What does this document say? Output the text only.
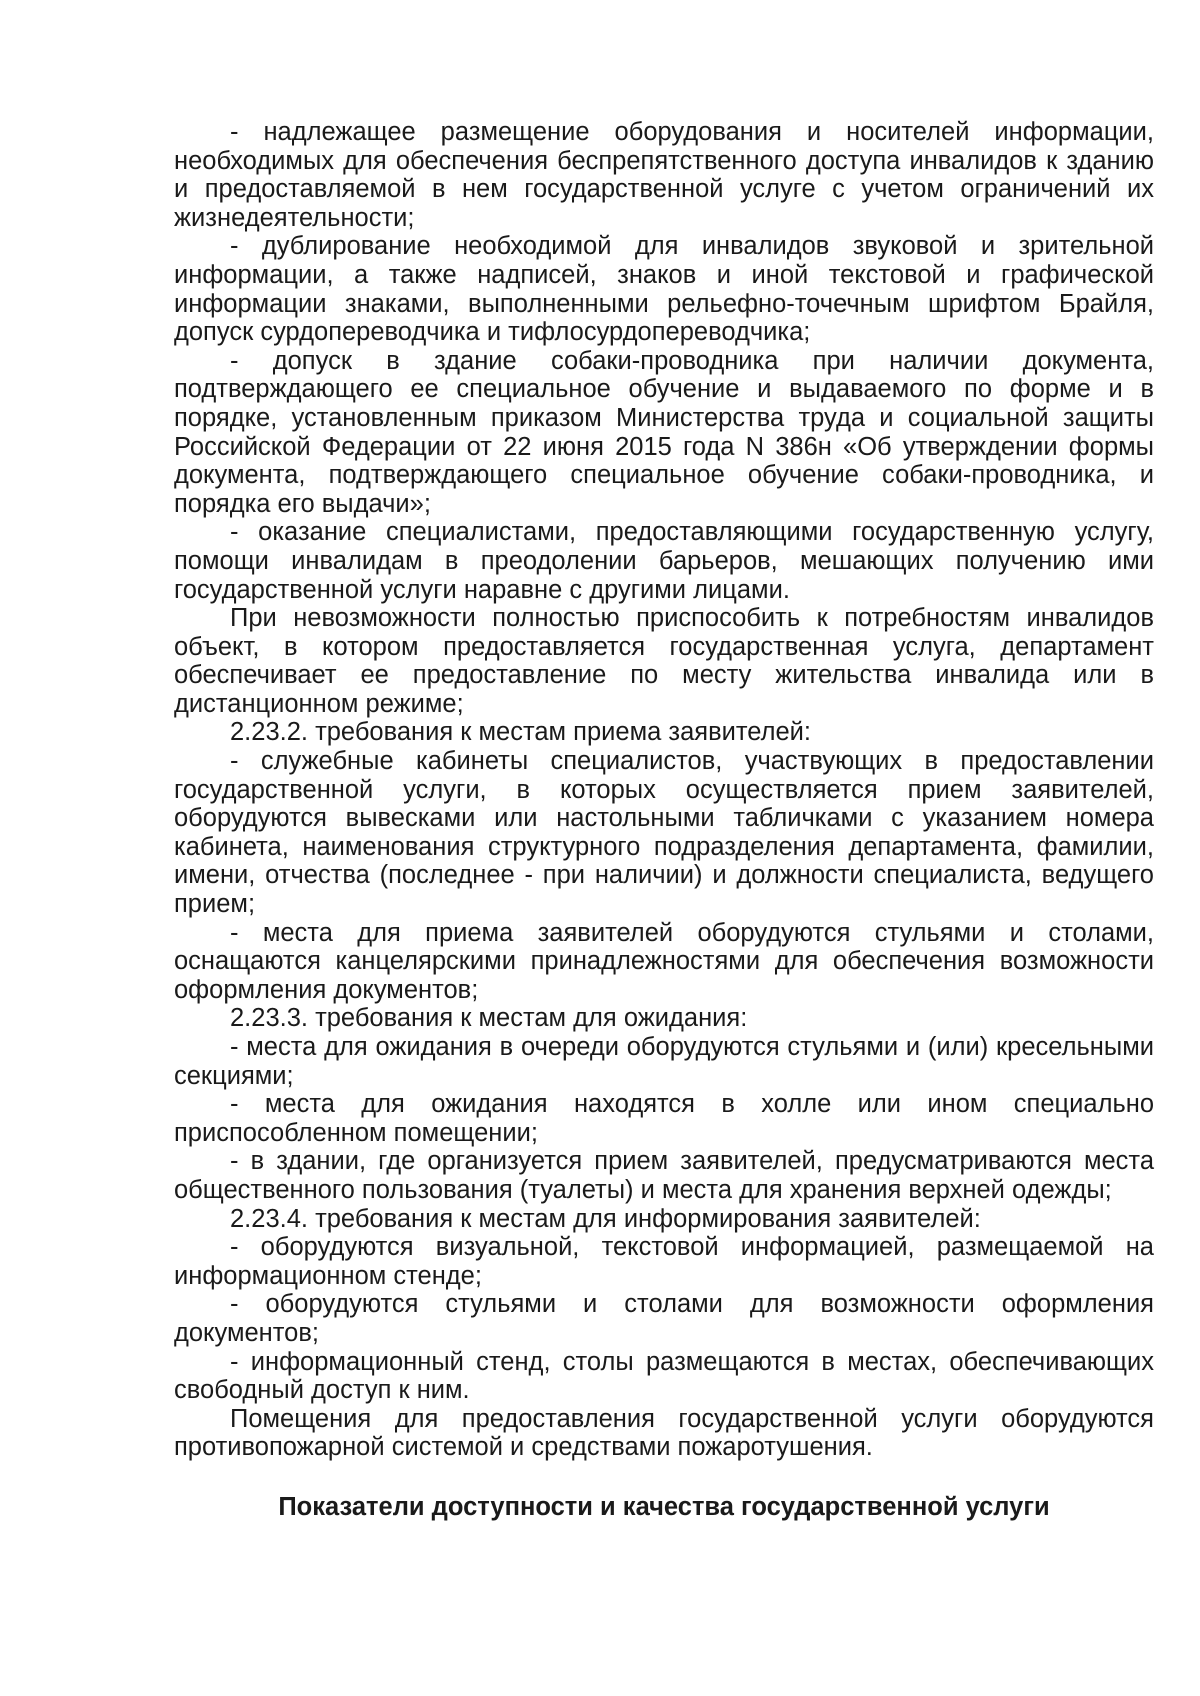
- надлежащее размещение оборудования и носителей информации, необходимых для обеспечения беспрепятственного доступа инвалидов к зданию и предоставляемой в нем государственной услуге с учетом ограничений их жизнедеятельности;

- дублирование необходимой для инвалидов звуковой и зрительной информации, а также надписей, знаков и иной текстовой и графической информации знаками, выполненными рельефно-точечным шрифтом Брайля, допуск сурдопереводчика и тифлосурдопереводчика;

- допуск в здание собаки-проводника при наличии документа, подтверждающего ее специальное обучение и выдаваемого по форме и в порядке, установленным приказом Министерства труда и социальной защиты Российской Федерации от 22 июня 2015 года N 386н «Об утверждении формы документа, подтверждающего специальное обучение собаки-проводника, и порядка его выдачи»;

- оказание специалистами, предоставляющими государственную услугу, помощи инвалидам в преодолении барьеров, мешающих получению ими государственной услуги наравне с другими лицами.

При невозможности полностью приспособить к потребностям инвалидов объект, в котором предоставляется государственная услуга, департамент обеспечивает ее предоставление по месту жительства инвалида или в дистанционном режиме;

2.23.2. требования к местам приема заявителей:

- служебные кабинеты специалистов, участвующих в предоставлении государственной услуги, в которых осуществляется прием заявителей, оборудуются вывесками или настольными табличками с указанием номера кабинета, наименования структурного подразделения департамента, фамилии, имени, отчества (последнее - при наличии) и должности специалиста, ведущего прием;

- места для приема заявителей оборудуются стульями и столами, оснащаются канцелярскими принадлежностями для обеспечения возможности оформления документов;

2.23.3. требования к местам для ожидания:

- места для ожидания в очереди оборудуются стульями и (или) кресельными секциями;

- места для ожидания находятся в холле или ином специально приспособленном помещении;

- в здании, где организуется прием заявителей, предусматриваются места общественного пользования (туалеты) и места для хранения верхней одежды;

2.23.4. требования к местам для информирования заявителей:

- оборудуются визуальной, текстовой информацией, размещаемой на информационном стенде;

- оборудуются стульями и столами для возможности оформления документов;

- информационный стенд, столы размещаются в местах, обеспечивающих свободный доступ к ним.

Помещения для предоставления государственной услуги оборудуются противопожарной системой и средствами пожаротушения.

Показатели доступности и качества государственной услуги
